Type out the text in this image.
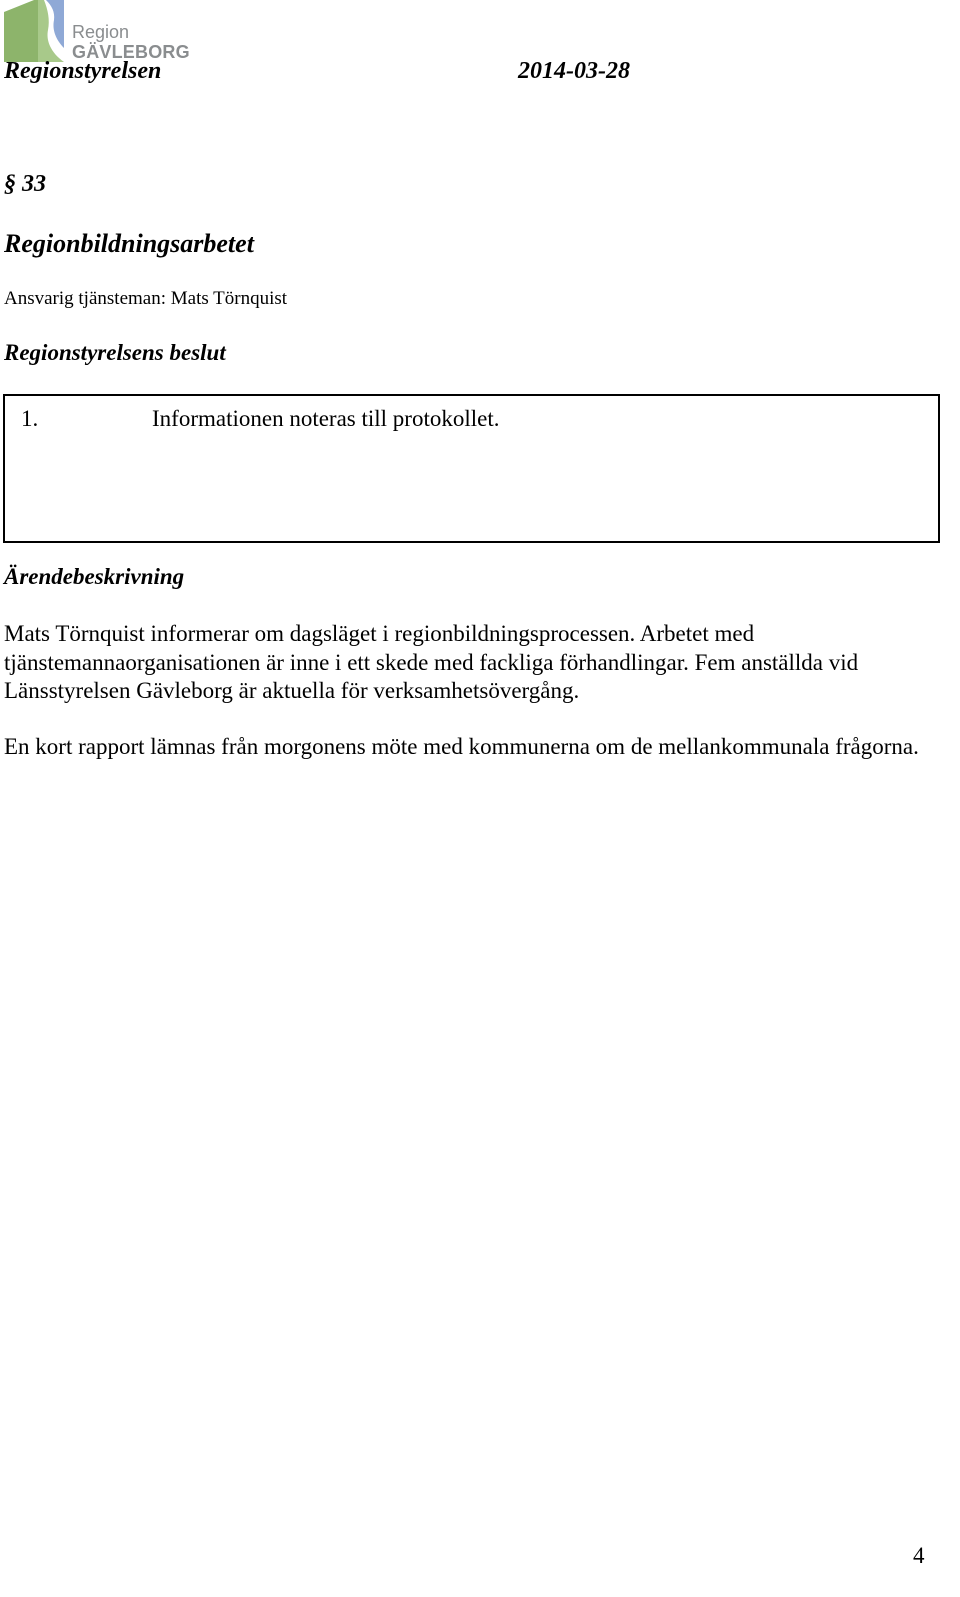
Region
GÄVLEBORG
Regionstyrelsen	2014-03-28
§ 33
Regionbildningsarbetet
Ansvarig tjänsteman: Mats Törnquist
Regionstyrelsens beslut
1.	Informationen noteras till protokollet.
Ärendebeskrivning
Mats Törnquist informerar om dagsläget i regionbildningsprocessen. Arbetet med tjänstemannaorganisationen är inne i ett skede med fackliga förhandlingar. Fem anställda vid Länsstyrelsen Gävleborg är aktuella för verksamhetsövergång.
En kort rapport lämnas från morgonens möte med kommunerna om de mellankommunala frågorna.
4
